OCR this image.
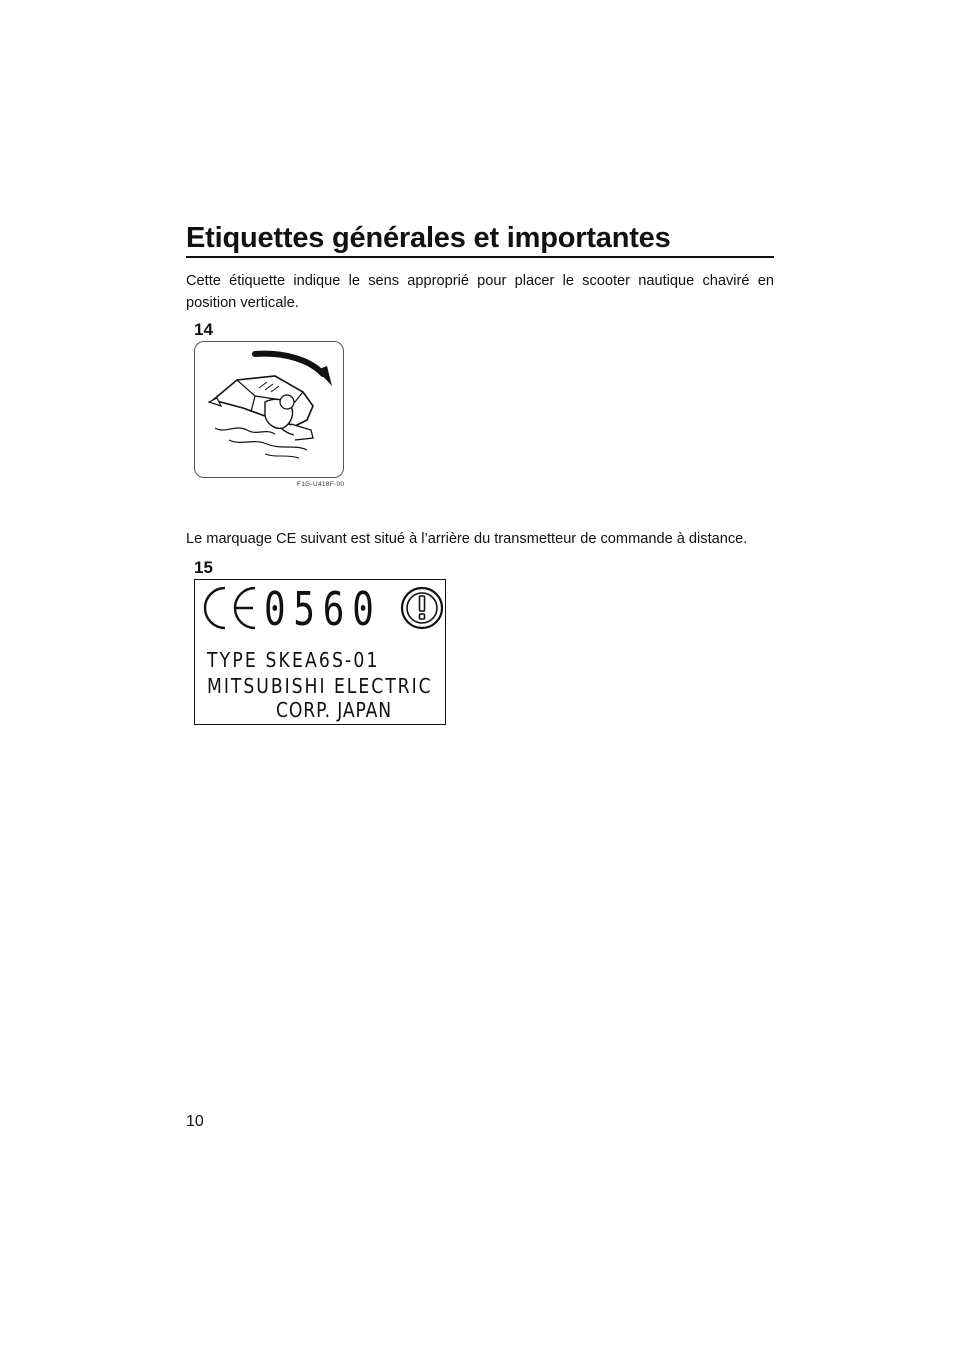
Etiquettes générales et importantes

Cette étiquette indique le sens approprié pour placer le scooter nautique chaviré en position verticale.

14
F1G-U418F-00

Le marquage CE suivant est situé à l’arrière du transmetteur de commande à distance.

15
0560
TYPE SKEA6S-01
MITSUBISHI ELECTRIC
CORP. JAPAN
10
